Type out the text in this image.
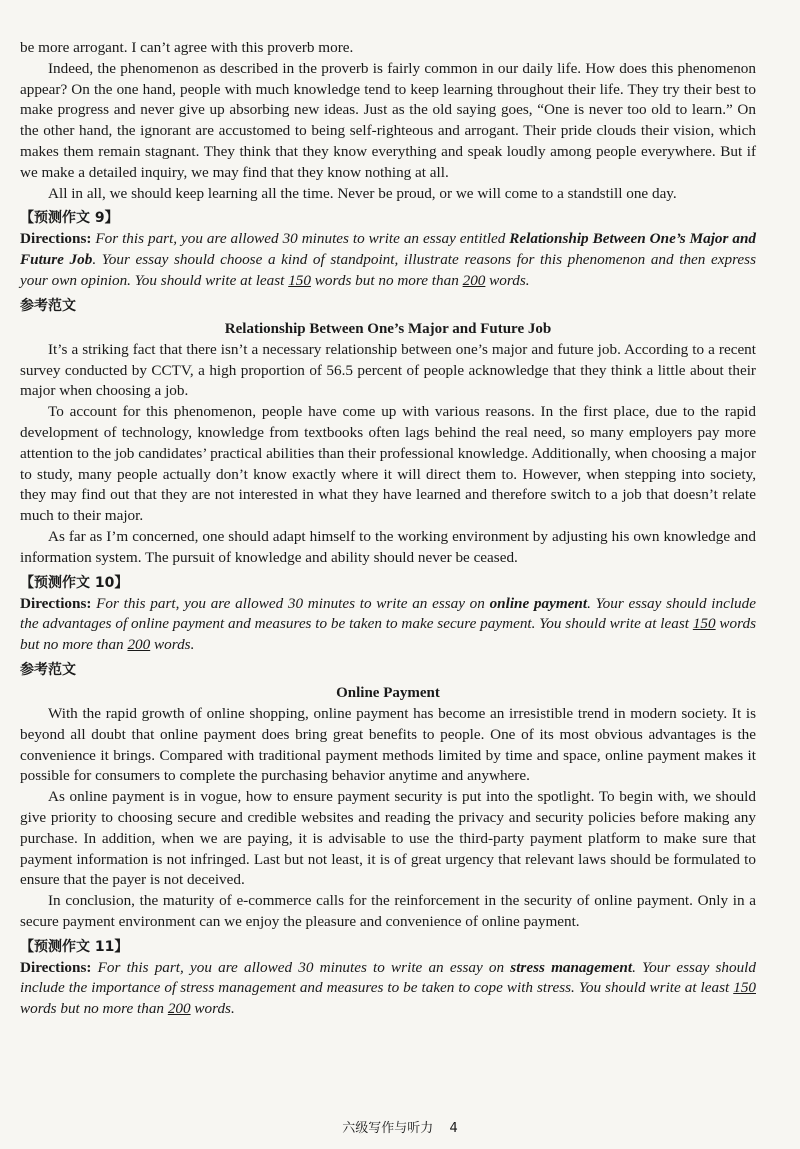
be more arrogant. I can’t agree with this proverb more.

Indeed, the phenomenon as described in the proverb is fairly common in our daily life. How does this phenomenon appear? On the one hand, people with much knowledge tend to keep learning throughout their life. They try their best to make progress and never give up absorbing new ideas. Just as the old saying goes, “One is never too old to learn.” On the other hand, the ignorant are accustomed to being self-righteous and arrogant. Their pride clouds their vision, which makes them remain stagnant. They think that they know everything and speak loudly among people everywhere. But if we make a detailed inquiry, we may find that they know nothing at all.

All in all, we should keep learning all the time. Never be proud, or we will come to a standstill one day.

【预测作文 9】
Directions: For this part, you are allowed 30 minutes to write an essay entitled Relationship Between One’s Major and Future Job. Your essay should choose a kind of standpoint, illustrate reasons for this phenomenon and then express your own opinion. You should write at least 150 words but no more than 200 words.
参考范文
Relationship Between One’s Major and Future Job

It’s a striking fact that there isn’t a necessary relationship between one’s major and future job. According to a recent survey conducted by CCTV, a high proportion of 56.5 percent of people acknowledge that they think a little about their major when choosing a job.

To account for this phenomenon, people have come up with various reasons. In the first place, due to the rapid development of technology, knowledge from textbooks often lags behind the real need, so many employers pay more attention to the job candidates’ practical abilities than their professional knowledge. Additionally, when choosing a major to study, many people actually don’t know exactly where it will direct them to. However, when stepping into society, they may find out that they are not interested in what they have learned and therefore switch to a job that doesn’t relate much to their major.

As far as I’m concerned, one should adapt himself to the working environment by adjusting his own knowledge and information system. The pursuit of knowledge and ability should never be ceased.

【预测作文 10】
Directions: For this part, you are allowed 30 minutes to write an essay on online payment. Your essay should include the advantages of online payment and measures to be taken to make secure payment. You should write at least 150 words but no more than 200 words.
参考范文
Online Payment

With the rapid growth of online shopping, online payment has become an irresistible trend in modern society. It is beyond all doubt that online payment does bring great benefits to people. One of its most obvious advantages is the convenience it brings. Compared with traditional payment methods limited by time and space, online payment makes it possible for consumers to complete the purchasing behavior anytime and anywhere.

As online payment is in vogue, how to ensure payment security is put into the spotlight. To begin with, we should give priority to choosing secure and credible websites and reading the privacy and security policies before making any purchase. In addition, when we are paying, it is advisable to use the third-party payment platform to make sure that payment information is not infringed. Last but not least, it is of great urgency that relevant laws should be formulated to ensure that the payer is not deceived.

In conclusion, the maturity of e-commerce calls for the reinforcement in the security of online payment. Only in a secure payment environment can we enjoy the pleasure and convenience of online payment.

【预测作文 11】
Directions: For this part, you are allowed 30 minutes to write an essay on stress management. Your essay should include the importance of stress management and measures to be taken to cope with stress. You should write at least 150 words but no more than 200 words.
六级写作与听力 4
